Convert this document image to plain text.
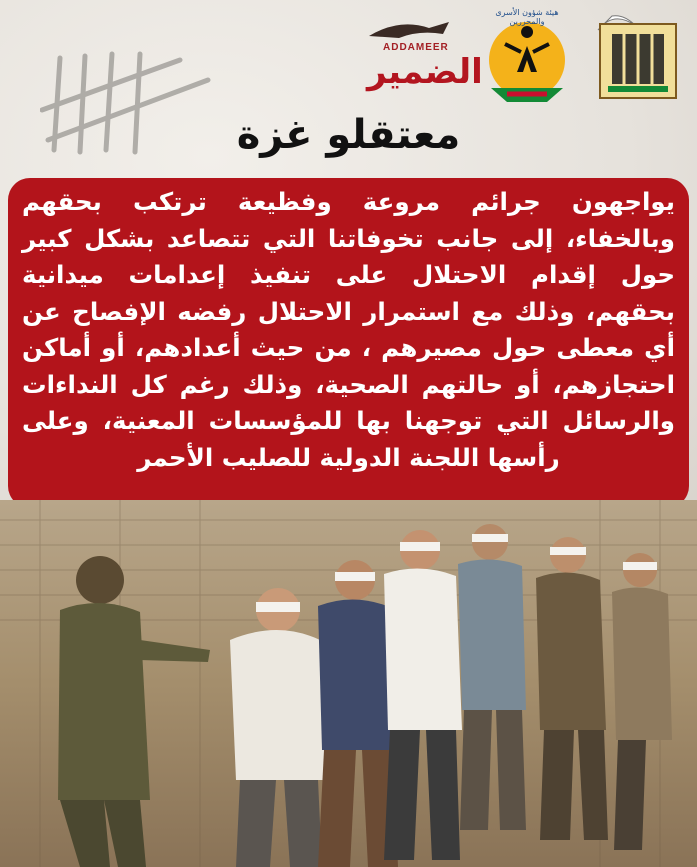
ADDAMEER
الضمير
هيئة شؤون الأسرى والمحررين
معتقلو غزة

يواجهون جرائم مروعة وفظيعة ترتكب بحقهم وبالخفاء، إلى جانب تخوفاتنا التي تتصاعد بشكل كبير حول إقدام الاحتلال على تنفيذ إعدامات ميدانية بحقهم، وذلك مع استمرار الاحتلال رفضه الإفصاح عن أي معطى حول مصيرهم ، من حيث أعدادهم، أو أماكن احتجازهم، أو حالتهم الصحية، وذلك رغم كل النداءات والرسائل التي توجهنا بها للمؤسسات المعنية، وعلى رأسها اللجنة الدولية للصليب الأحمر
